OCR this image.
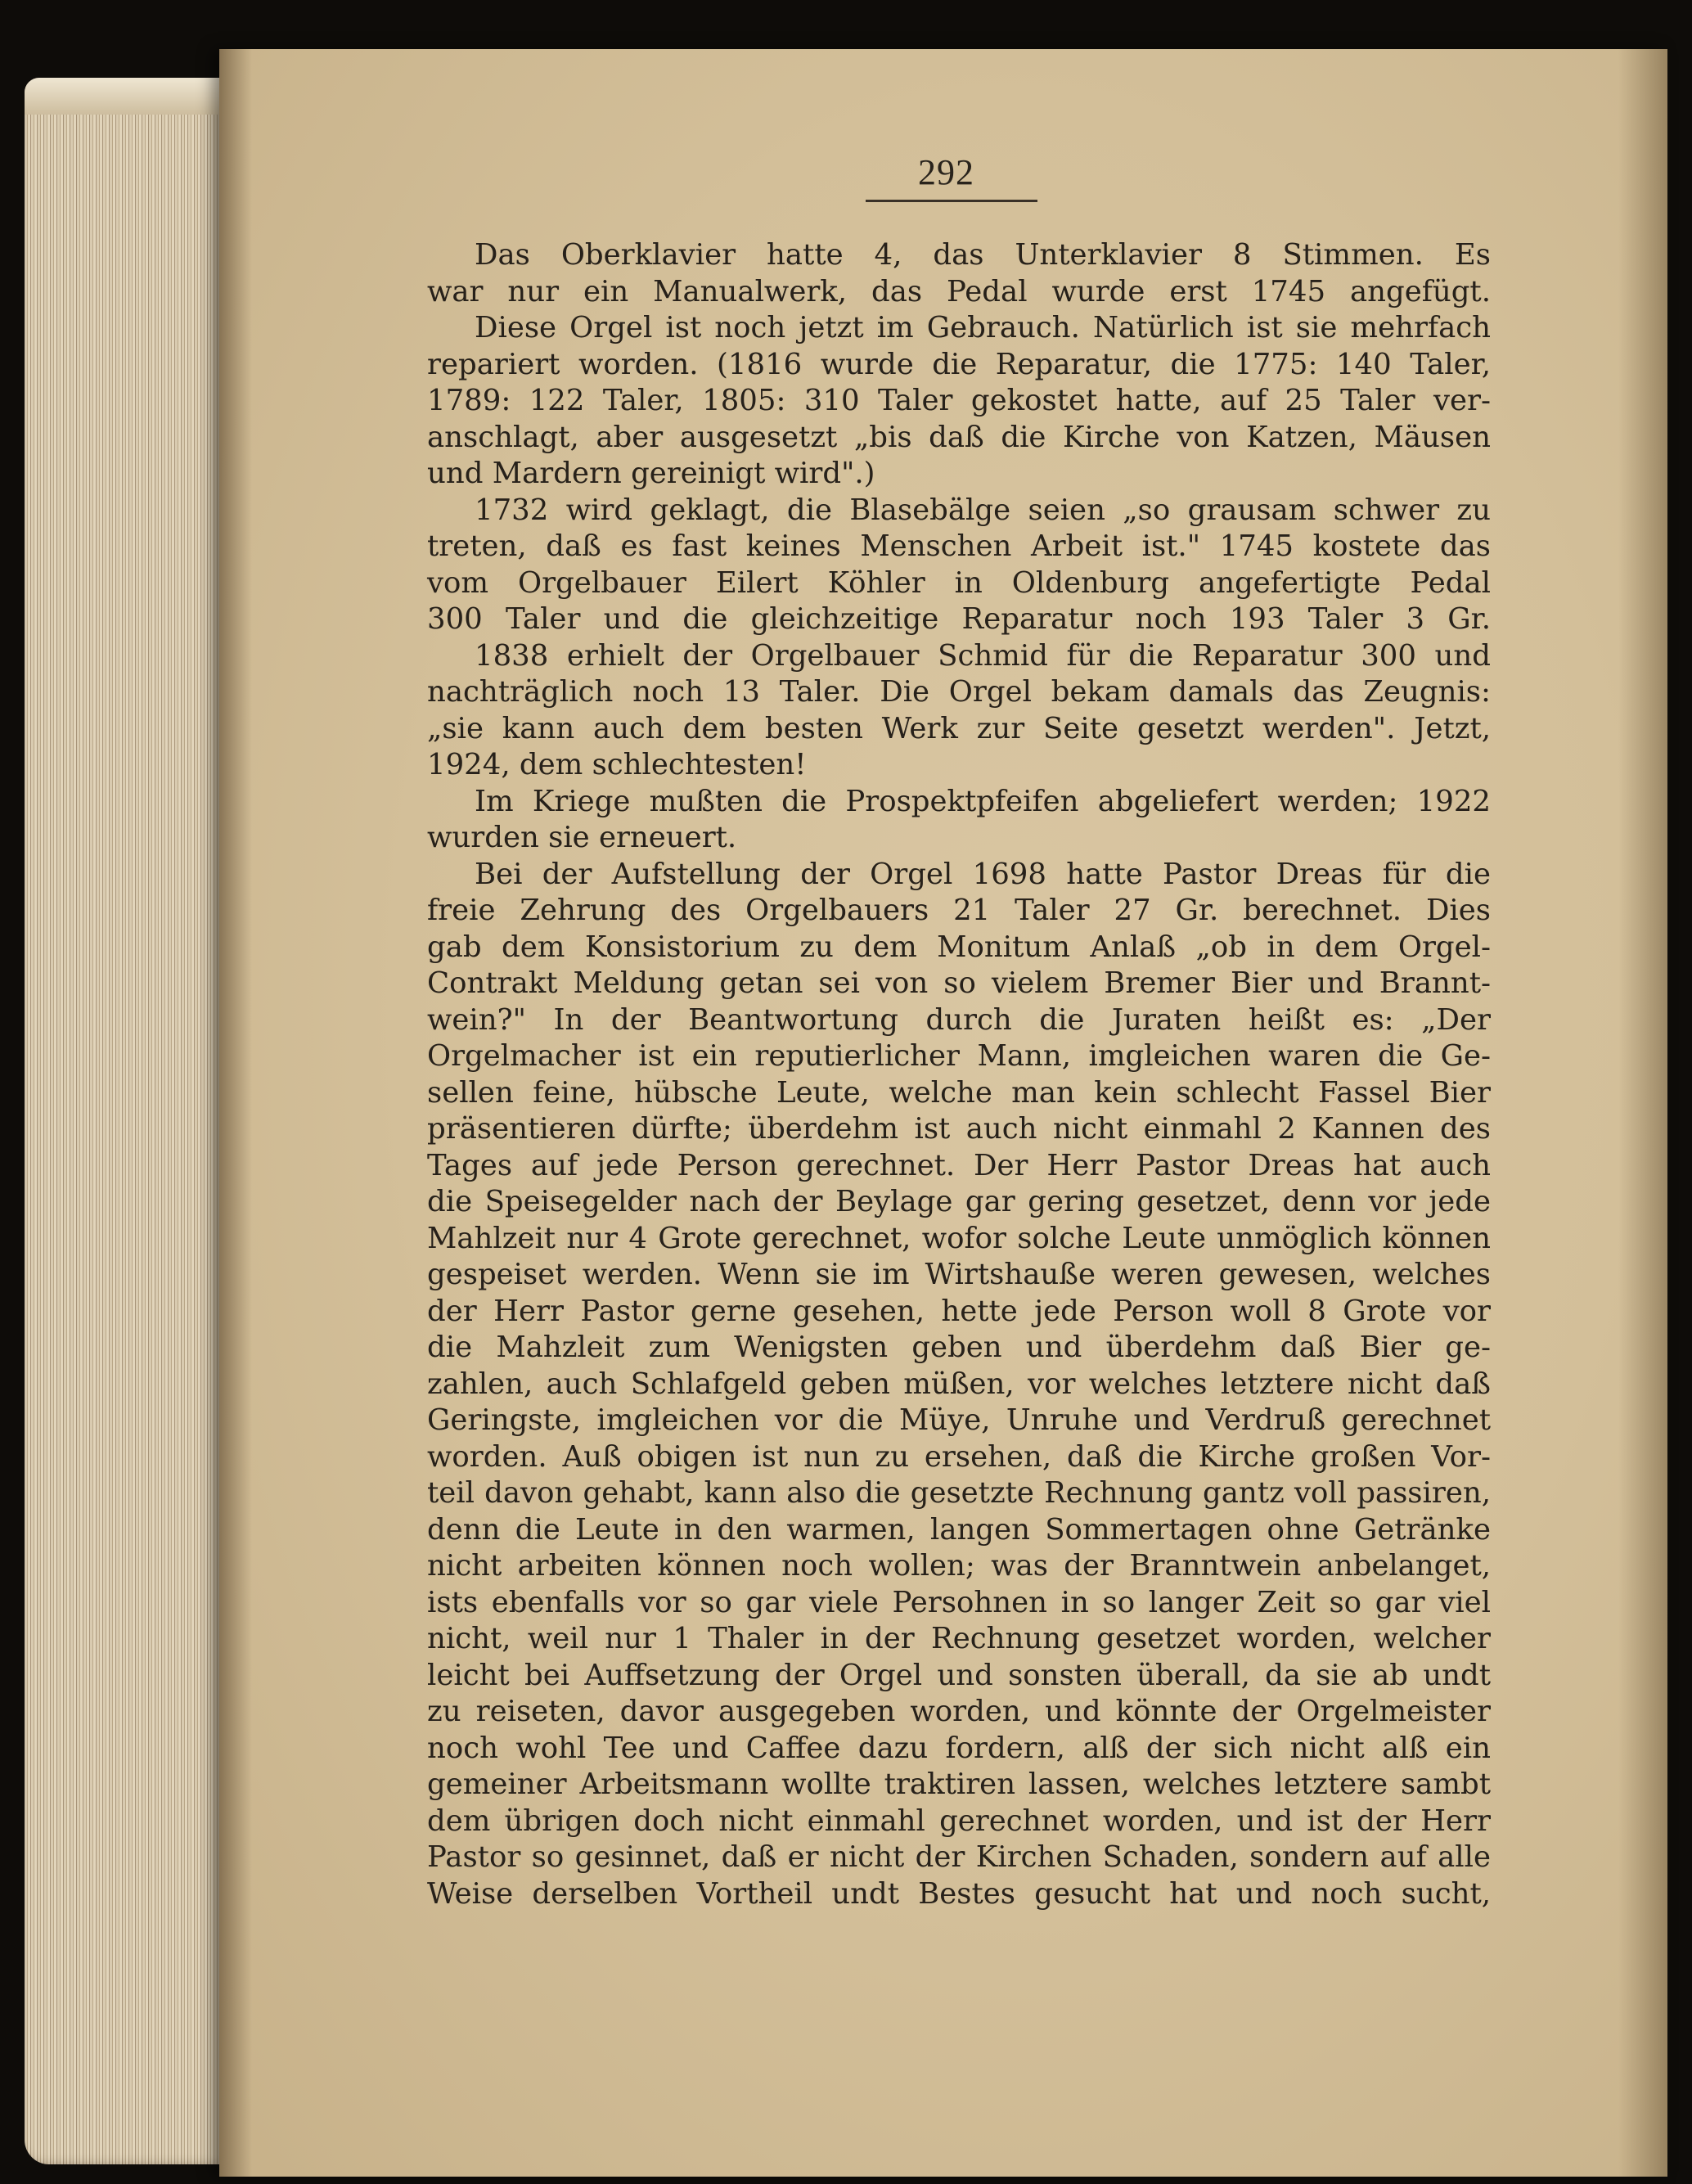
292
Das Oberklavier hatte 4, das Unterklavier 8 Stimmen. Es
war nur ein Manualwerk, das Pedal wurde erst 1745 angefügt.
Diese Orgel ist noch jetzt im Gebrauch. Natürlich ist sie mehrfach
repariert worden. (1816 wurde die Reparatur, die 1775: 140 Taler,
1789: 122 Taler, 1805: 310 Taler gekostet hatte, auf 25 Taler ver-
anschlagt, aber ausgesetzt „bis daß die Kirche von Katzen, Mäusen
und Mardern gereinigt wird".)
1732 wird geklagt, die Blasebälge seien „so grausam schwer zu
treten, daß es fast keines Menschen Arbeit ist." 1745 kostete das
vom Orgelbauer Eilert Köhler in Oldenburg angefertigte Pedal
300 Taler und die gleichzeitige Reparatur noch 193 Taler 3 Gr.
1838 erhielt der Orgelbauer Schmid für die Reparatur 300 und
nachträglich noch 13 Taler. Die Orgel bekam damals das Zeugnis:
„sie kann auch dem besten Werk zur Seite gesetzt werden". Jetzt,
1924, dem schlechtesten!
Im Kriege mußten die Prospektpfeifen abgeliefert werden; 1922
wurden sie erneuert.
Bei der Aufstellung der Orgel 1698 hatte Pastor Dreas für die
freie Zehrung des Orgelbauers 21 Taler 27 Gr. berechnet. Dies
gab dem Konsistorium zu dem Monitum Anlaß „ob in dem Orgel-
Contrakt Meldung getan sei von so vielem Bremer Bier und Brannt-
wein?" In der Beantwortung durch die Juraten heißt es: „Der
Orgelmacher ist ein reputierlicher Mann, imgleichen waren die Ge-
sellen feine, hübsche Leute, welche man kein schlecht Fassel Bier
präsentieren dürfte; überdehm ist auch nicht einmahl 2 Kannen des
Tages auf jede Person gerechnet. Der Herr Pastor Dreas hat auch
die Speisegelder nach der Beylage gar gering gesetzet, denn vor jede
Mahlzeit nur 4 Grote gerechnet, wofor solche Leute unmöglich können
gespeiset werden. Wenn sie im Wirtshauße weren gewesen, welches
der Herr Pastor gerne gesehen, hette jede Person woll 8 Grote vor
die Mahzleit zum Wenigsten geben und überdehm daß Bier ge-
zahlen, auch Schlafgeld geben müßen, vor welches letztere nicht daß
Geringste, imgleichen vor die Müye, Unruhe und Verdruß gerechnet
worden. Auß obigen ist nun zu ersehen, daß die Kirche großen Vor-
teil davon gehabt, kann also die gesetzte Rechnung gantz voll passiren,
denn die Leute in den warmen, langen Sommertagen ohne Getränke
nicht arbeiten können noch wollen; was der Branntwein anbelanget,
ists ebenfalls vor so gar viele Persohnen in so langer Zeit so gar viel
nicht, weil nur 1 Thaler in der Rechnung gesetzet worden, welcher
leicht bei Auffsetzung der Orgel und sonsten überall, da sie ab undt
zu reiseten, davor ausgegeben worden, und könnte der Orgelmeister
noch wohl Tee und Caffee dazu fordern, alß der sich nicht alß ein
gemeiner Arbeitsmann wollte traktiren lassen, welches letztere sambt
dem übrigen doch nicht einmahl gerechnet worden, und ist der Herr
Pastor so gesinnet, daß er nicht der Kirchen Schaden, sondern auf alle
Weise derselben Vortheil undt Bestes gesucht hat und noch sucht,
